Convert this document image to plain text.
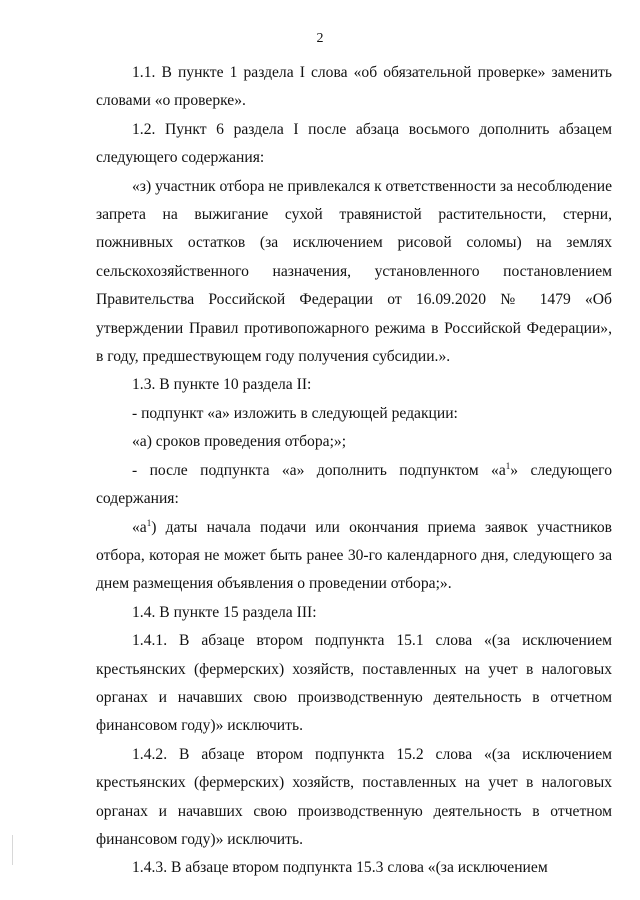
2

1.1. В пункте 1 раздела I слова «об обязательной проверке» заменить словами «о проверке».

1.2. Пункт 6 раздела I после абзаца восьмого дополнить абзацем следующего содержания:

«з) участник отбора не привлекался к ответственности за несоблюдение запрета на выжигание сухой травянистой растительности, стерни, пожнивных остатков (за исключением рисовой соломы) на землях сельскохозяйственного назначения, установленного постановлением Правительства Российской Федерации от 16.09.2020 № 1479 «Об утверждении Правил противопожарного режима в Российской Федерации», в году, предшествующем году получения субсидии.».

1.3. В пункте 10 раздела II:

- подпункт «а» изложить в следующей редакции:

«а) сроков проведения отбора;»;

- после подпункта «а» дополнить подпунктом «$а^1$» следующего содержания:

«$а^1$) даты начала подачи или окончания приема заявок участников отбора, которая не может быть ранее 30-го календарного дня, следующего за днем размещения объявления о проведении отбора;».

1.4. В пункте 15 раздела III:

1.4.1. В абзаце втором подпункта 15.1 слова «(за исключением крестьянских (фермерских) хозяйств, поставленных на учет в налоговых органах и начавших свою производственную деятельность в отчетном финансовом году)» исключить.

1.4.2. В абзаце втором подпункта 15.2 слова «(за исключением крестьянских (фермерских) хозяйств, поставленных на учет в налоговых органах и начавших свою производственную деятельность в отчетном финансовом году)» исключить.

1.4.3. В абзаце втором подпункта 15.3 слова «(за исключением
